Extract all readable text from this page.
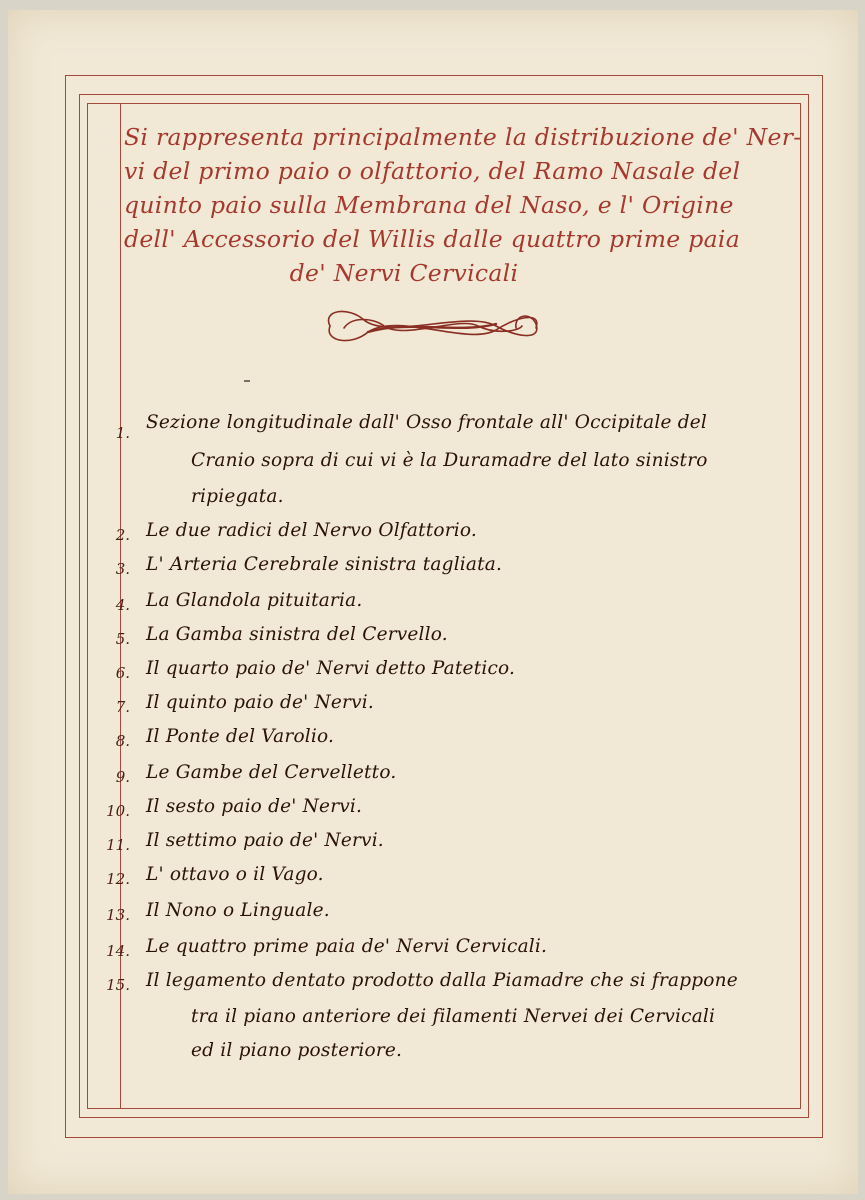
Si rappresenta principalmente la distribuzione de' Ner-
vi del primo paio o olfattorio, del Ramo Nasale del
quinto paio sulla Membrana del Naso, e l' Origine
dell' Accessorio del Willis dalle quattro prime paia
de' Nervi Cervicali
1. Sezione longitudinale dall' Osso frontale all' Occipitale del
Cranio sopra di cui vi è la Duramadre del lato sinistro
ripiegata.
2. Le due radici del Nervo Olfattorio.
3. L' Arteria Cerebrale sinistra tagliata.
4. La Glandola pituitaria.
5. La Gamba sinistra del Cervello.
6. Il quarto paio de' Nervi detto Patetico.
7. Il quinto paio de' Nervi.
8. Il Ponte del Varolio.
9. Le Gambe del Cervelletto.
10. Il sesto paio de' Nervi.
11. Il settimo paio de' Nervi.
12. L' ottavo o il Vago.
13. Il Nono o Linguale.
14. Le quattro prime paia de' Nervi Cervicali.
15. Il legamento dentato prodotto dalla Piamadre che si frappone
tra il piano anteriore dei filamenti Nervei dei Cervicali
ed il piano posteriore.
